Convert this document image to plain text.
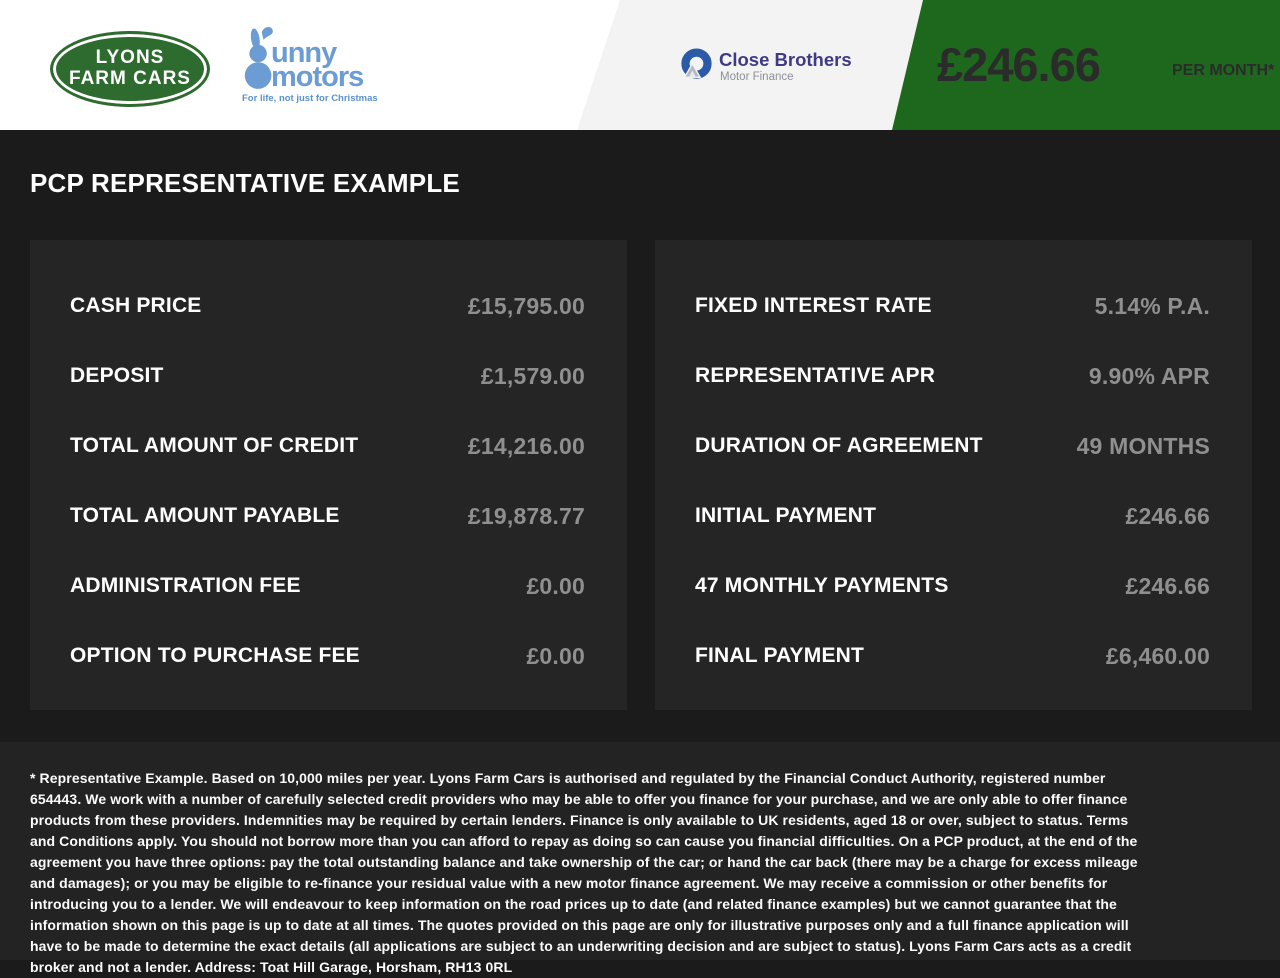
LYONS
FARM CARS
unny
motors
For life, not just for Christmas
Close Brothers
Motor Finance	£246.66	PER MONTH*
PCP REPRESENTATIVE EXAMPLE
CASH PRICE	£15,795.00
DEPOSIT	£1,579.00
TOTAL AMOUNT OF CREDIT	£14,216.00
TOTAL AMOUNT PAYABLE	£19,878.77
ADMINISTRATION FEE	£0.00
OPTION TO PURCHASE FEE	£0.00
FIXED INTEREST RATE	5.14% P.A.
REPRESENTATIVE APR	9.90% APR
DURATION OF AGREEMENT	49 MONTHS
INITIAL PAYMENT	£246.66
47 MONTHLY PAYMENTS	£246.66
FINAL PAYMENT	£6,460.00
* Representative Example. Based on 10,000 miles per year. Lyons Farm Cars is authorised and regulated by the Financial Conduct Authority, registered number 654443. We work with a number of carefully selected credit providers who may be able to offer you finance for your purchase, and we are only able to offer finance products from these providers. Indemnities may be required by certain lenders. Finance is only available to UK residents, aged 18 or over, subject to status. Terms and Conditions apply. You should not borrow more than you can afford to repay as doing so can cause you financial difficulties. On a PCP product, at the end of the agreement you have three options: pay the total outstanding balance and take ownership of the car; or hand the car back (there may be a charge for excess mileage and damages); or you may be eligible to re-finance your residual value with a new motor finance agreement. We may receive a commission or other benefits for introducing you to a lender. We will endeavour to keep information on the road prices up to date (and related finance examples) but we cannot guarantee that the information shown on this page is up to date at all times. The quotes provided on this page are only for illustrative purposes only and a full finance application will have to be made to determine the exact details (all applications are subject to an underwriting decision and are subject to status). Lyons Farm Cars acts as a credit broker and not a lender. Address: Toat Hill Garage, Horsham, RH13 0RL
